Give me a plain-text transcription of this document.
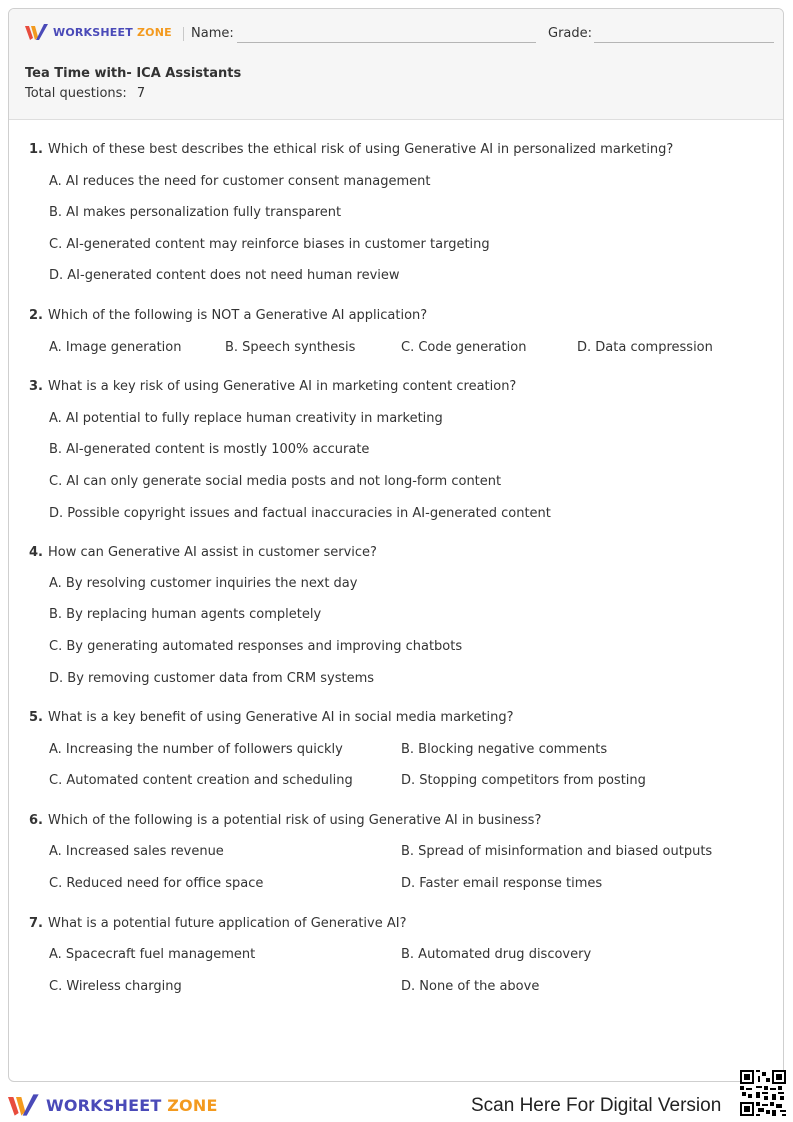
WORKSHEET ZONE Name:	Grade:
Tea Time with- ICA Assistants
Total questions: 7
1. Which of these best describes the ethical risk of using Generative AI in personalized marketing?
A. AI reduces the need for customer consent management
B. AI makes personalization fully transparent
C. AI-generated content may reinforce biases in customer targeting
D. AI-generated content does not need human review
2. Which of the following is NOT a Generative AI application?
A. Image generation	B. Speech synthesis	C. Code generation	D. Data compression
3. What is a key risk of using Generative AI in marketing content creation?
A. AI potential to fully replace human creativity in marketing
B. AI-generated content is mostly 100% accurate
C. AI can only generate social media posts and not long-form content
D. Possible copyright issues and factual inaccuracies in AI-generated content
4. How can Generative AI assist in customer service?
A. By resolving customer inquiries the next day
B. By replacing human agents completely
C. By generating automated responses and improving chatbots
D. By removing customer data from CRM systems
5. What is a key benefit of using Generative AI in social media marketing?
A. Increasing the number of followers quickly	B. Blocking negative comments
C. Automated content creation and scheduling	D. Stopping competitors from posting
6. Which of the following is a potential risk of using Generative AI in business?
A. Increased sales revenue	B. Spread of misinformation and biased outputs
C. Reduced need for office space	D. Faster email response times
7. What is a potential future application of Generative AI?
A. Spacecraft fuel management	B. Automated drug discovery
C. Wireless charging	D. None of the above
WORKSHEET ZONE	Scan Here For Digital Version
